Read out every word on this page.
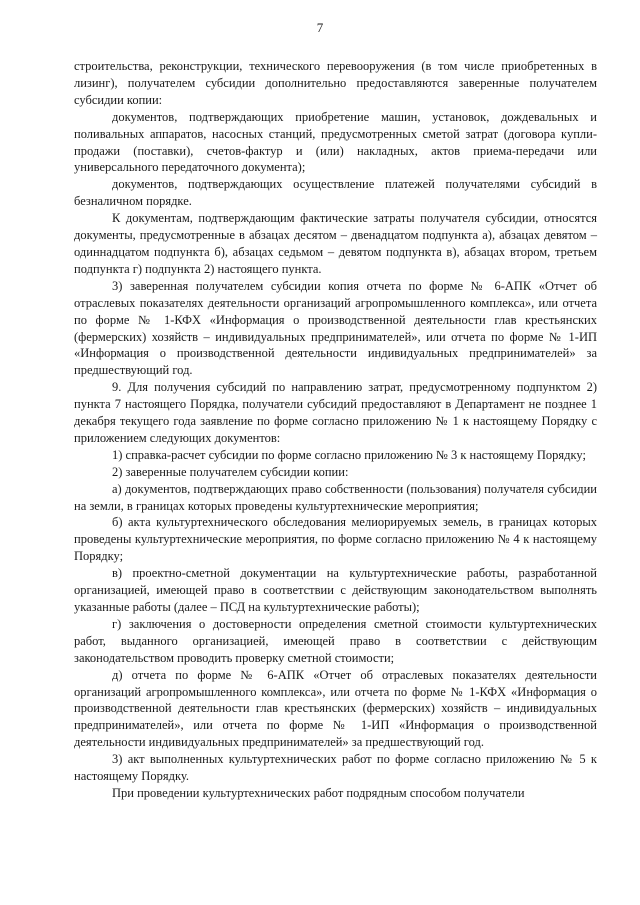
7

строительства, реконструкции, технического перевооружения (в том числе приобретенных в лизинг), получателем субсидии дополнительно предоставляются заверенные получателем субсидии копии:

документов, подтверждающих приобретение машин, установок, дождевальных и поливальных аппаратов, насосных станций, предусмотренных сметой затрат (договора купли-продажи (поставки), счетов-фактур и (или) накладных, актов приема-передачи или универсального передаточного документа);

документов, подтверждающих осуществление платежей получателями субсидий в безналичном порядке.

К документам, подтверждающим фактические затраты получателя субсидии, относятся документы, предусмотренные в абзацах десятом – двенадцатом подпункта а), абзацах девятом – одиннадцатом подпункта б), абзацах седьмом – девятом подпункта в), абзацах втором, третьем подпункта г) подпункта 2) настоящего пункта.

3) заверенная получателем субсидии копия отчета по форме № 6-АПК «Отчет об отраслевых показателях деятельности организаций агропромышленного комплекса», или отчета по форме № 1-КФХ «Информация о производственной деятельности глав крестьянских (фермерских) хозяйств – индивидуальных предпринимателей», или отчета по форме № 1-ИП «Информация о производственной деятельности индивидуальных предпринимателей» за предшествующий год.

9. Для получения субсидий по направлению затрат, предусмотренному подпунктом 2) пункта 7 настоящего Порядка, получатели субсидий предоставляют в Департамент не позднее 1 декабря текущего года заявление по форме согласно приложению № 1 к настоящему Порядку с приложением следующих документов:

1) справка-расчет субсидии по форме согласно приложению № 3 к настоящему Порядку;

2) заверенные получателем субсидии копии:

а) документов, подтверждающих право собственности (пользования) получателя субсидии на земли, в границах которых проведены культуртехнические мероприятия;

б) акта культуртехнического обследования мелиорируемых земель, в границах которых проведены культуртехнические мероприятия, по форме согласно приложению № 4 к настоящему Порядку;

в) проектно-сметной документации на культуртехнические работы, разработанной организацией, имеющей право в соответствии с действующим законодательством выполнять указанные работы (далее – ПСД на культуртехнические работы);

г) заключения о достоверности определения сметной стоимости культуртехнических работ, выданного организацией, имеющей право в соответствии с действующим законодательством проводить проверку сметной стоимости;

д) отчета по форме № 6-АПК «Отчет об отраслевых показателях деятельности организаций агропромышленного комплекса», или отчета по форме № 1-КФХ «Информация о производственной деятельности глав крестьянских (фермерских) хозяйств – индивидуальных предпринимателей», или отчета по форме № 1-ИП «Информация о производственной деятельности индивидуальных предпринимателей» за предшествующий год.

3) акт выполненных культуртехнических работ по форме согласно приложению № 5 к настоящему Порядку.

При проведении культуртехнических работ подрядным способом получатели
